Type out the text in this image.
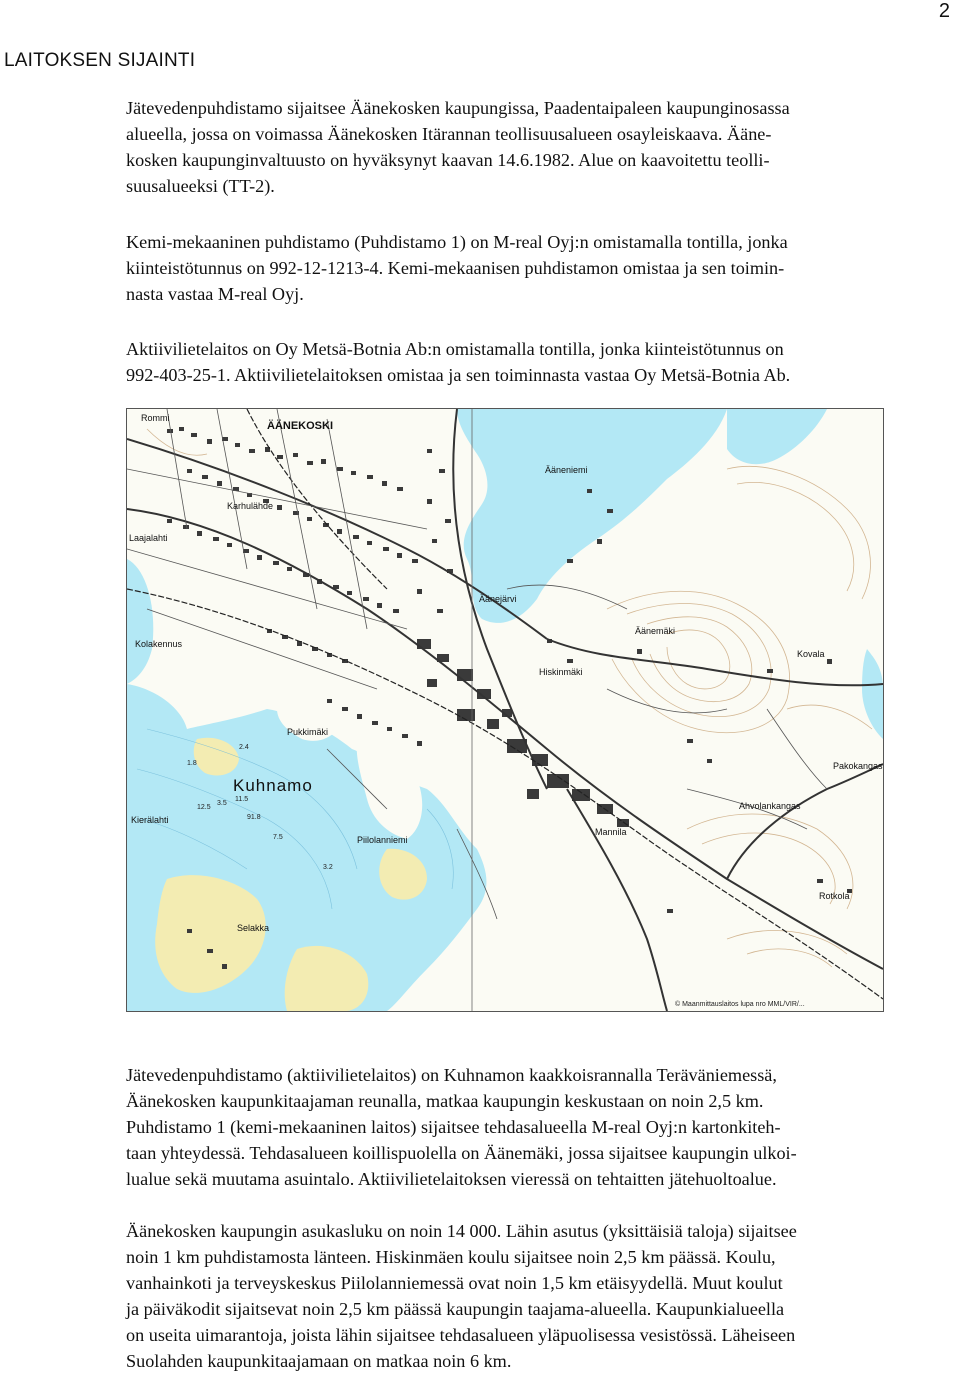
2
LAITOKSEN SIJAINTI
Jätevedenpuhdistamo sijaitsee Äänekosken kaupungissa, Paadentaipaleen kaupunginosassa
alueella, jossa on voimassa Äänekosken Itärannan teollisuusalueen osayleiskaava. Ääne-
kosken kaupunginvaltuusto on hyväksynyt kaavan 14.6.1982. Alue on kaavoitettu teolli-
suusalueeksi (TT-2).
Kemi-mekaaninen puhdistamo (Puhdistamo 1) on M-real Oyj:n omistamalla tontilla, jonka
kiinteistötunnus on 992-12-1213-4. Kemi-mekaanisen puhdistamon omistaa ja sen toimin-
nasta vastaa M-real Oyj.
Aktiivilietelaitos on Oy Metsä-Botnia Ab:n omistamalla tontilla, jonka kiinteistötunnus on
992-403-25-1. Aktiivilietelaitoksen omistaa ja sen toiminnasta vastaa Oy Metsä-Botnia Ab.
Rommi
ÄÄNEKOSKI
Karhulähde
Laajalahti
Ääneniemi
Äänejärvi
Äänemäki
Kolakennus
Kovala
Hiskinmäki
Pukkimäki
Kuhnamo
Kierälahti
Piilolanniemi
Mannila
Pakokangas
Ahvolankangas
Rotkola
Selakka
© Maanmittauslaitos lupa nro MML/VIR/...
2.4
1.8
3.5
11.5
12.5
7.5
91.8
3.2
Jätevedenpuhdistamo (aktiivilietelaitos) on Kuhnamon kaakkoisrannalla Teräväniemessä,
Äänekosken kaupunkitaajaman reunalla, matkaa kaupungin keskustaan on noin 2,5 km.
Puhdistamo 1 (kemi-mekaaninen laitos) sijaitsee tehdasalueella M-real Oyj:n kartonkiteh-
taan yhteydessä. Tehdasalueen koillispuolella on Äänemäki, jossa sijaitsee kaupungin ulkoi-
lualue sekä muutama asuintalo. Aktiivilietelaitoksen vieressä on tehtaitten jätehuoltoalue.
Äänekosken kaupungin asukasluku on noin 14 000. Lähin asutus (yksittäisiä taloja) sijaitsee
noin 1 km puhdistamosta länteen. Hiskinmäen koulu sijaitsee noin 2,5 km päässä. Koulu,
vanhainkoti ja terveyskeskus Piilolanniemessä ovat noin 1,5 km etäisyydellä. Muut koulut
ja päiväkodit sijaitsevat noin 2,5 km päässä kaupungin taajama-alueella. Kaupunkialueella
on useita uimarantoja, joista lähin sijaitsee tehdasalueen yläpuolisessa vesistössä. Läheiseen
Suolahden kaupunkitaajamaan on matkaa noin 6 km.
